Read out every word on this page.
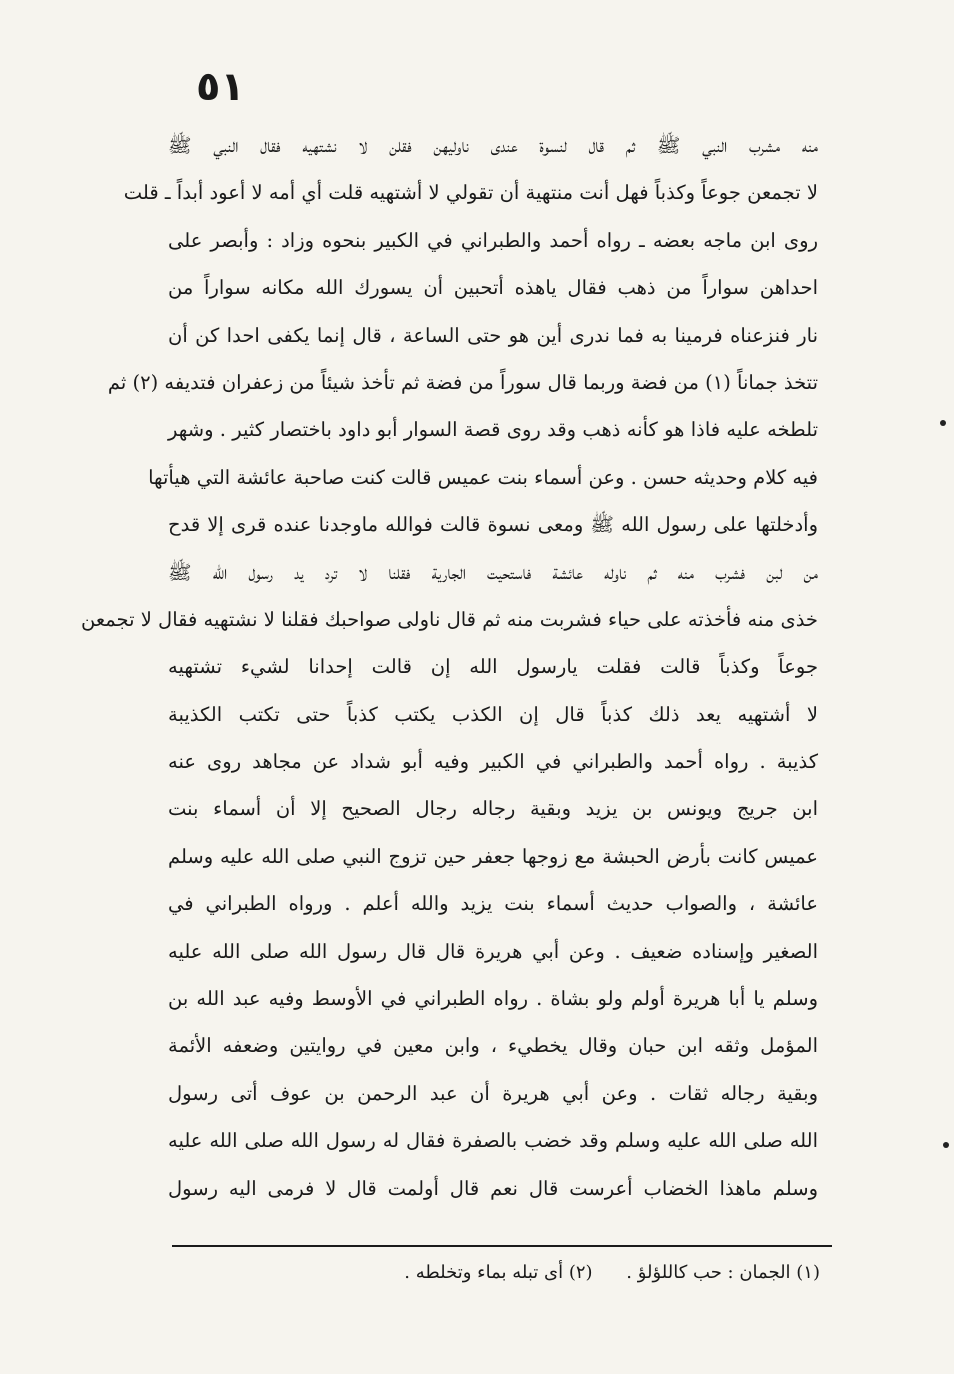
٥١
منه مشرب النبي ﷺ ثم قال لنسوة عندى ناوليهن فقلن لا نشتهيه فقال النبي ﷺ
لا تجمعن جوعاً وكذباً فهل أنت منتهية أن تقولي لا أشتهيه قلت أي أمه لا أعود أبداً ـ قلت
روى ابن ماجه بعضه ـ رواه أحمد والطبراني في الكبير بنحوه وزاد : وأبصر على
احداهن سواراً من ذهب فقال ياهذه أتحبين أن يسورك الله مكانه سواراً من
نار فنزعناه فرمينا به فما ندرى أين هو حتى الساعة ، قال إنما يكفى احدا كن أن
تتخذ جماناً (١) من فضة وربما قال سوراً من فضة ثم تأخذ شيئاً من زعفران فتديفه (٢) ثم
تلطخه عليه فاذا هو كأنه ذهب وقد روى قصة السوار أبو داود باختصار كثير . وشهر
فيه كلام وحديثه حسن . وعن أسماء بنت عميس قالت كنت صاحبة عائشة التي هيأتها
وأدخلتها على رسول الله ﷺ ومعى نسوة قالت فوالله ماوجدنا عنده قرى إلا قدح
من لبن فشرب منه ثم ناوله عائشة فاستحيت الجارية فقلنا لا ترد يد رسول الله ﷺ
خذى منه فأخذته على حياء فشربت منه ثم قال ناولى صواحبك فقلنا لا نشتهيه فقال لا تجمعن
جوعاً وكذباً قالت فقلت يارسول الله إن قالت إحدانا لشيء تشتهيه
لا أشتهيه يعد ذلك كذباً قال إن الكذب يكتب كذباً حتى تكتب الكذيبة
كذيبة . رواه أحمد والطبراني في الكبير وفيه أبو شداد عن مجاهد روى عنه
ابن جريج ويونس بن يزيد وبقية رجاله رجال الصحيح إلا أن أسماء بنت
عميس كانت بأرض الحبشة مع زوجها جعفر حين تزوج النبي صلى الله عليه وسلم
عائشة ، والصواب حديث أسماء بنت يزيد والله أعلم . ورواه الطبراني في
الصغير وإسناده ضعيف . وعن أبي هريرة قال قال رسول الله صلى الله عليه
وسلم يا أبا هريرة أولم ولو بشاة . رواه الطبراني في الأوسط وفيه عبد الله بن
المؤمل وثقه ابن حبان وقال يخطيء ، وابن معين في روايتين وضعفه الأئمة
وبقية رجاله ثقات . وعن أبي هريرة أن عبد الرحمن بن عوف أتى رسول
الله صلى الله عليه وسلم وقد خضب بالصفرة فقال له رسول الله صلى الله عليه
وسلم ماهذا الخضاب أعرست قال نعم قال أولمت قال لا فرمى اليه رسول
(١) الجمان : حب كاللؤلؤ . (٢) أى تبله بماء وتخلطه .
